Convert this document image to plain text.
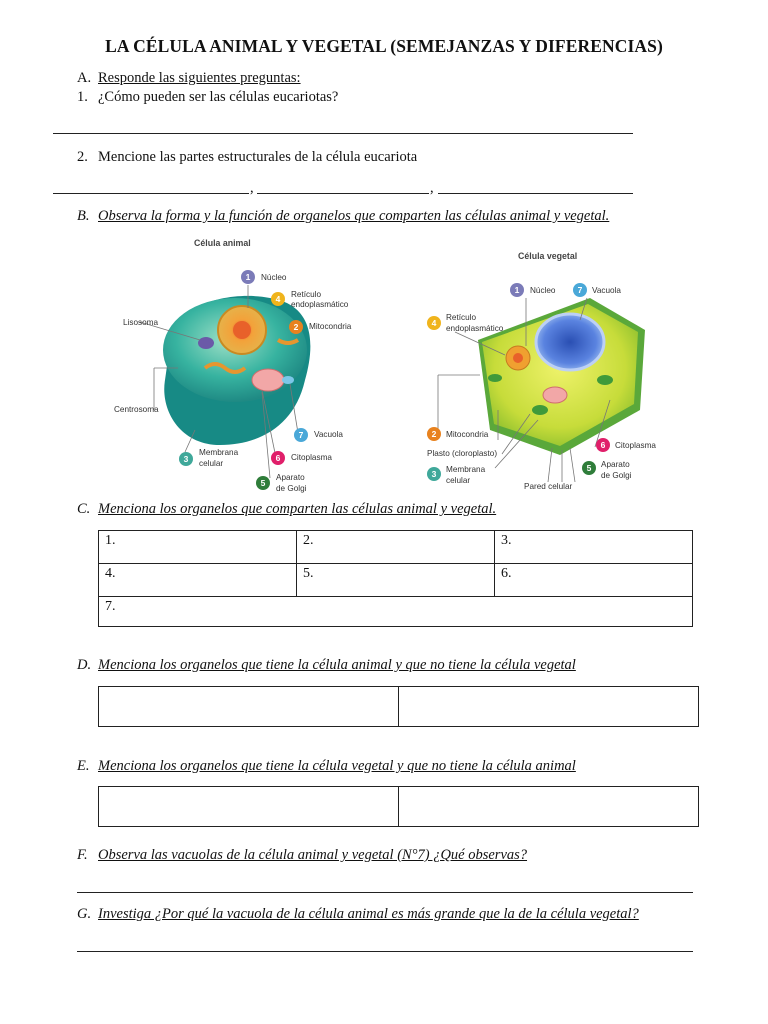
LA CÉLULA ANIMAL Y VEGETAL (SEMEJANZAS Y DIFERENCIAS)
A. Responde las siguientes preguntas:
1. ¿Cómo pueden ser las células eucariotas?
2. Mencione las partes estructurales de la célula eucariota
,	,
B. Observa la forma y la función de organelos que comparten las células animal y vegetal.
Célula animal
1	Núcleo
4	Retículo
endoplasmático
2	Mitocondria
Lisosoma
Centrosoma
7	Vacuola
3
Membrana
celular
6	Citoplasma
5
Aparato
de Golgi
Célula vegetal
1	Núcleo	7	Vacuola
4
Retículo
endoplasmático
2	Mitocondria
Plasto (cloroplasto)
3	Membrana
celular
6	Citoplasma
5	Aparato
de Golgi
Pared celular
C. Menciona los organelos que comparten las células animal y vegetal.
1.	2.	3.
4.	5.	6.
7.		
D. Menciona los organelos que tiene la célula animal y que no tiene la célula vegetal

E. Menciona los organelos que tiene la célula vegetal y que no tiene la célula animal

F. Observa las vacuolas de la célula animal y vegetal (N°7) ¿Qué observas?
G. Investiga ¿Por qué la vacuola de la célula animal es más grande que la de la célula vegetal?
